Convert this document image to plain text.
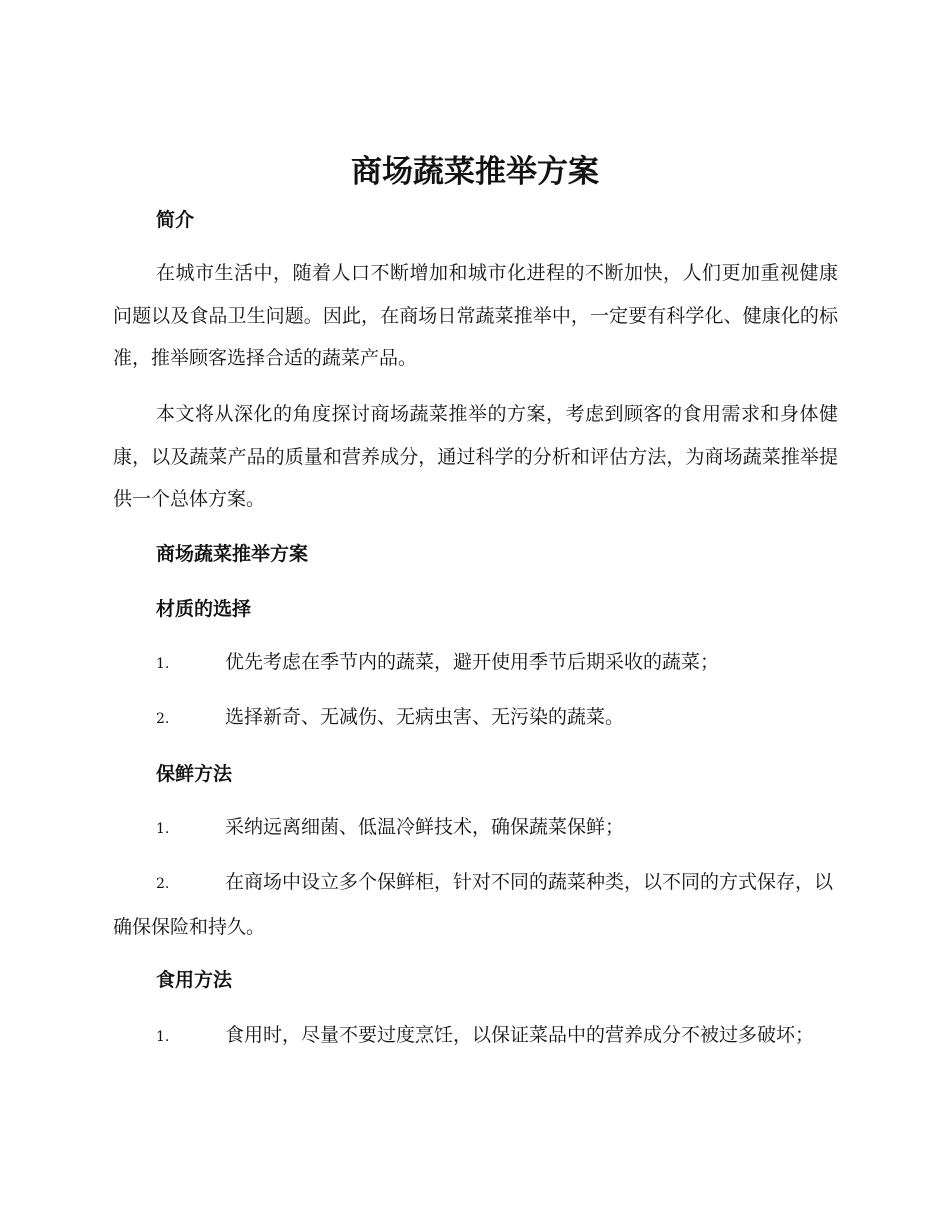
商场蔬菜推举方案
简介

在城市生活中，随着人口不断增加和城市化进程的不断加快，人们更加重视健康问题以及食品卫生问题。因此，在商场日常蔬菜推举中，一定要有科学化、健康化的标准，推举顾客选择合适的蔬菜产品。

本文将从深化的角度探讨商场蔬菜推举的方案，考虑到顾客的食用需求和身体健康，以及蔬菜产品的质量和营养成分，通过科学的分析和评估方法，为商场蔬菜推举提供一个总体方案。

商场蔬菜推举方案
材质的选择

1.	优先考虑在季节内的蔬菜，避开使用季节后期采收的蔬菜；

2.	选择新奇、无减伤、无病虫害、无污染的蔬菜。

保鲜方法

1.	采纳远离细菌、低温冷鲜技术，确保蔬菜保鲜；

2.	在商场中设立多个保鲜柜，针对不同的蔬菜种类，以不同的方式保存，以确保保险和持久。

食用方法

1.	食用时，尽量不要过度烹饪，以保证菜品中的营养成分不被过多破坏；
